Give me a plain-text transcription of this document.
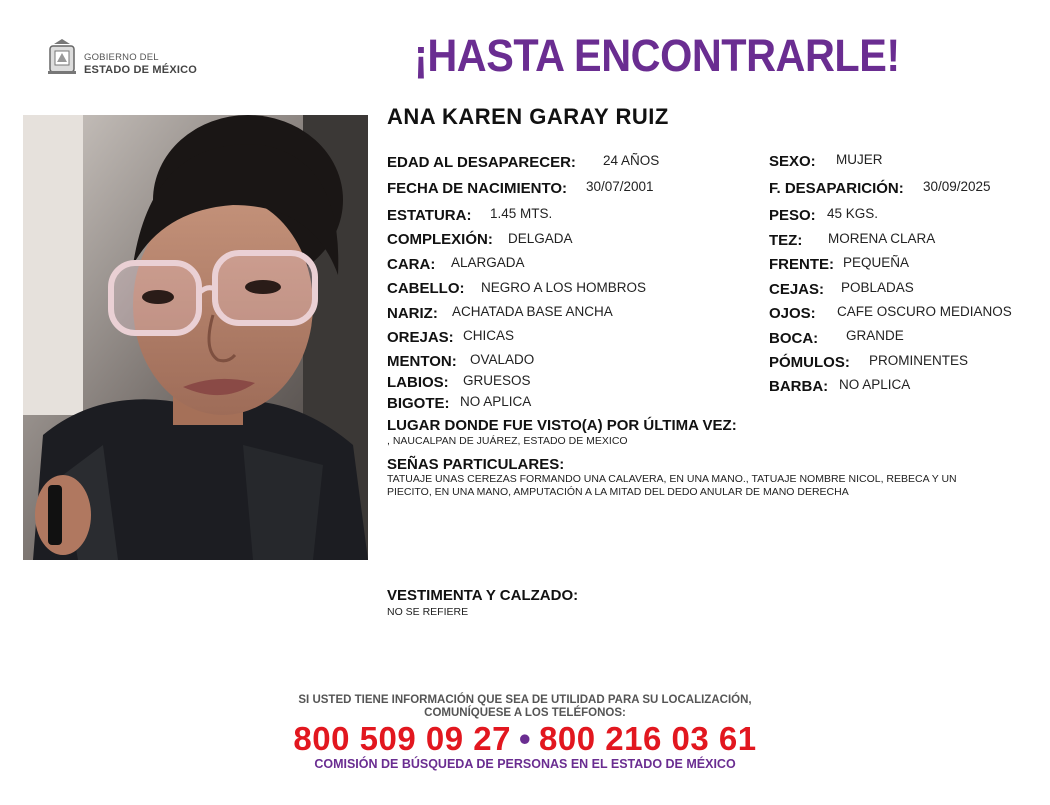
GOBIERNO DEL
ESTADO DE MÉXICO	¡HASTA ENCONTRARLE!
ANA KAREN GARAY RUIZ
EDAD AL DESAPARECER: 24 AÑOS
FECHA DE NACIMIENTO: 30/07/2001
ESTATURA: 1.45 MTS.
COMPLEXIÓN: DELGADA
CARA: ALARGADA
CABELLO: NEGRO A LOS HOMBROS
NARIZ: ACHATADA BASE ANCHA
OREJAS: CHICAS
MENTON: OVALADO
LABIOS: GRUESOS
BIGOTE: NO APLICA
SEXO: MUJER
F. DESAPARICIÓN: 30/09/2025
PESO: 45 KGS.
TEZ: MORENA CLARA
FRENTE: PEQUEÑA
CEJAS: POBLADAS
OJOS: CAFE OSCURO MEDIANOS
BOCA: GRANDE
PÓMULOS: PROMINENTES
BARBA: NO APLICA
LUGAR DONDE FUE VISTO(A) POR ÚLTIMA VEZ:
, NAUCALPAN DE JUÁREZ, ESTADO DE MEXICO
SEÑAS PARTICULARES:
TATUAJE UNAS CEREZAS FORMANDO UNA CALAVERA, EN UNA MANO., TATUAJE NOMBRE NICOL, REBECA Y UN
PIECITO, EN UNA MANO, AMPUTACIÓN A LA MITAD DEL DEDO ANULAR DE MANO DERECHA
VESTIMENTA Y CALZADO:
NO SE REFIERE
SI USTED TIENE INFORMACIÓN QUE SEA DE UTILIDAD PARA SU LOCALIZACIÓN,
COMUNÍQUESE A LOS TELÉFONOS:
800 509 09 27 • 800 216 03 61
COMISIÓN DE BÚSQUEDA DE PERSONAS EN EL ESTADO DE MÉXICO
